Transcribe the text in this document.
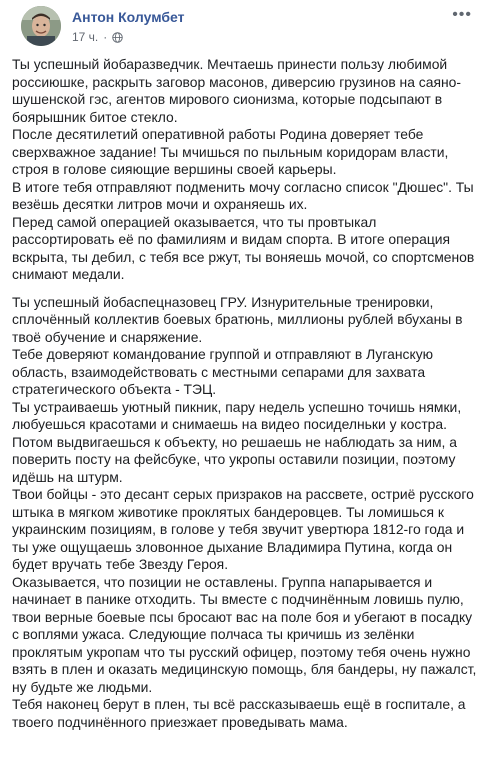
Антон Колумбет
17 ч. ·
•••

Ты успешный йобаразведчик. Мечтаешь принести пользу любимой россиюшке, раскрыть заговор масонов, диверсию грузинов на саяно-шушенской гэс, агентов мирового сионизма, которые подсыпают в боярышник битое стекло.

После десятилетий оперативной работы Родина доверяет тебе сверхважное задание! Ты мчишься по пыльным коридорам власти, строя в голове сияющие вершины своей карьеры.

В итоге тебя отправляют подменить мочу согласно список "Дюшес". Ты везёшь десятки литров мочи и охраняешь их.

Перед самой операцией оказывается, что ты провтыкал рассортировать её по фамилиям и видам спорта. В итоге операция вскрыта, ты дебил, с тебя все ржут, ты воняешь мочой, со спортсменов снимают медали.

Ты успешный йобаспецназовец ГРУ. Изнурительные тренировки, сплочённый коллектив боевых братюнь, миллионы рублей вбуханы в твоё обучение и снаряжение.

Тебе доверяют командование группой и отправляют в Луганскую область, взаимодействовать с местными сепарами для захвата стратегического объекта - ТЭЦ.

Ты устраиваешь уютный пикник, пару недель успешно точишь нямки, любуешься красотами и снимаешь на видео посиделньки у костра.

Потом выдвигаешься к объекту, но решаешь не наблюдать за ним, а поверить посту на фейсбуке, что укропы оставили позиции, поэтому идёшь на штурм.

Твои бойцы - это десант серых призраков на рассвете, остриё русского штыка в мягком животике проклятых бандеровцев. Ты ломишься к украинским позициям, в голове у тебя звучит увертюра 1812-го года и ты уже ощущаешь зловонное дыхание Владимира Путина, когда он будет вручать тебе Звезду Героя.

Оказывается, что позиции не оставлены. Группа напарывается и начинает в панике отходить. Ты вместе с подчинённым ловишь пулю, твои верные боевые псы бросают вас на поле боя и убегают в посадку с воплями ужаса. Следующие полчаса ты кричишь из зелёнки проклятым укропам что ты русский офицер, поэтому тебя очень нужно взять в плен и оказать медицинскую помощь, бля бандеры, ну пажалст, ну будьте же людьми.

Тебя наконец берут в плен, ты всё рассказываешь ещё в госпитале, а твоего подчинённого приезжает проведывать мама.
